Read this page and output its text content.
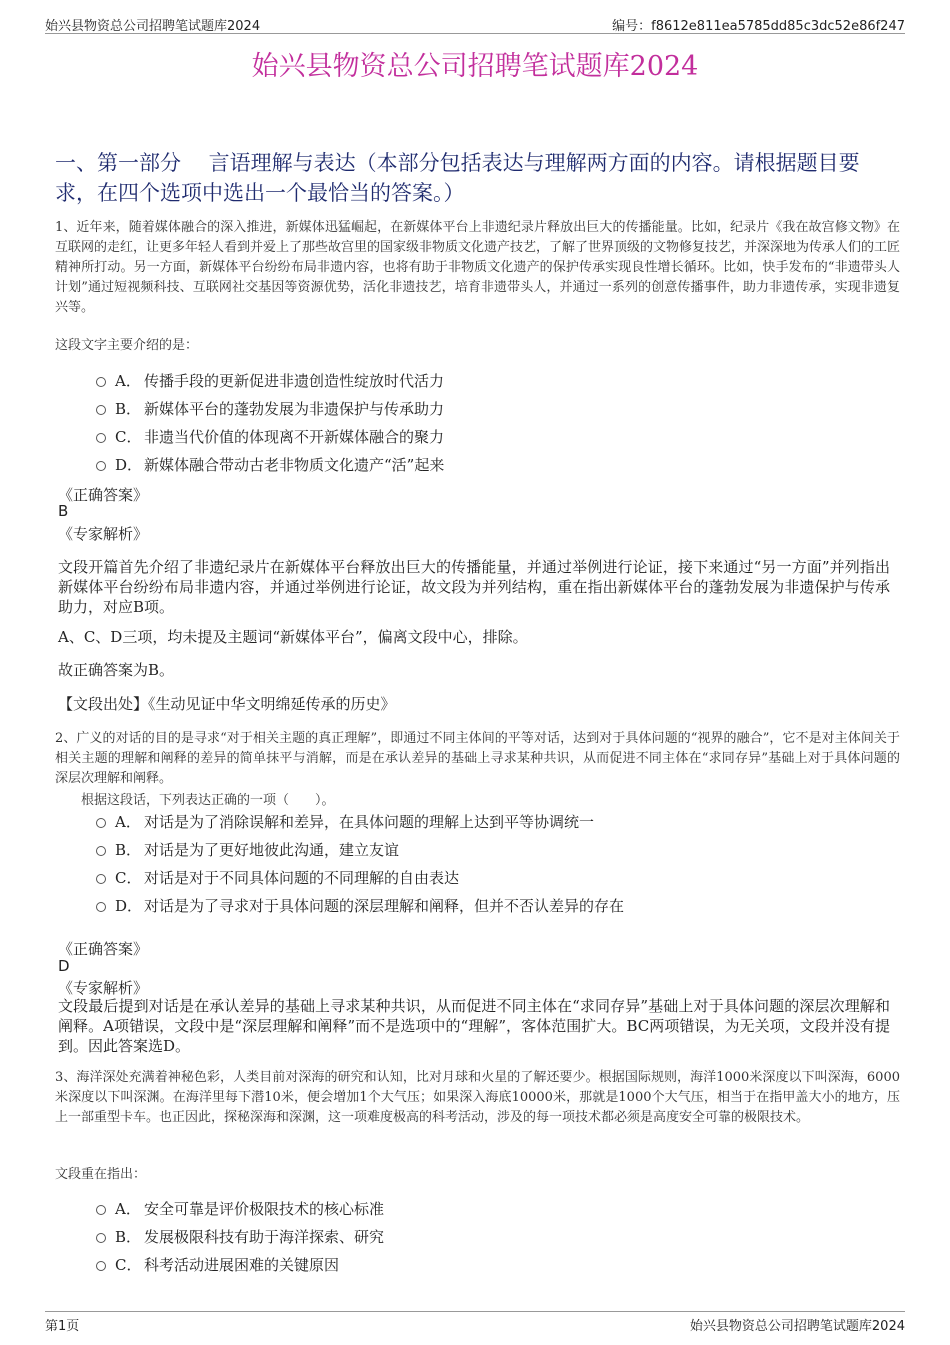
始兴县物资总公司招聘笔试题库2024	编号：f8612e811ea5785dd85c3dc52e86f247
始兴县物资总公司招聘笔试题库2024
一、第一部分　 言语理解与表达（本部分包括表达与理解两方面的内容。请根据题目要求，在四个选项中选出一个最恰当的答案。）
1、近年来，随着媒体融合的深入推进，新媒体迅猛崛起，在新媒体平台上非遗纪录片释放出巨大的传播能量。比如，纪录片《我在故宫修文物》在互联网的走红，让更多年轻人看到并爱上了那些故宫里的国家级非物质文化遗产技艺，了解了世界顶级的文物修复技艺，并深深地为传承人们的工匠精神所打动。另一方面，新媒体平台纷纷布局非遗内容，也将有助于非物质文化遗产的保护传承实现良性增长循环。比如，快手发布的“非遗带头人计划”通过短视频科技、互联网社交基因等资源优势，活化非遗技艺，培育非遗带头人，并通过一系列的创意传播事件，助力非遗传承，实现非遗复兴等。
这段文字主要介绍的是：
A． 传播手段的更新促进非遗创造性绽放时代活力
B． 新媒体平台的蓬勃发展为非遗保护与传承助力
C． 非遗当代价值的体现离不开新媒体融合的聚力
D． 新媒体融合带动古老非物质文化遗产“活”起来
《正确答案》
B
《专家解析》
文段开篇首先介绍了非遗纪录片在新媒体平台释放出巨大的传播能量，并通过举例进行论证，接下来通过“另一方面”并列指出新媒体平台纷纷布局非遗内容，并通过举例进行论证，故文段为并列结构，重在指出新媒体平台的蓬勃发展为非遗保护与传承助力，对应B项。
A、C、D三项，均未提及主题词“新媒体平台”，偏离文段中心，排除。
故正确答案为B。
【文段出处】《生动见证中华文明绵延传承的历史》
2、广义的对话的目的是寻求“对于相关主题的真正理解”，即通过不同主体间的平等对话，达到对于具体问题的“视界的融合”，它不是对主体间关于相关主题的理解和阐释的差异的简单抹平与消解，而是在承认差异的基础上寻求某种共识，从而促进不同主体在“求同存异”基础上对于具体问题的深层次理解和阐释。
根据这段话，下列表达正确的一项（　　）。
A． 对话是为了消除误解和差异，在具体问题的理解上达到平等协调统一
B． 对话是为了更好地彼此沟通，建立友谊
C． 对话是对于不同具体问题的不同理解的自由表达
D． 对话是为了寻求对于具体问题的深层理解和阐释，但并不否认差异的存在
《正确答案》
D
《专家解析》
文段最后提到对话是在承认差异的基础上寻求某种共识，从而促进不同主体在“求同存异”基础上对于具体问题的深层次理解和阐释。A项错误，文段中是“深层理解和阐释”而不是选项中的“理解”，客体范围扩大。BC两项错误，为无关项，文段并没有提到。因此答案选D。
3、海洋深处充满着神秘色彩，人类目前对深海的研究和认知，比对月球和火星的了解还要少。根据国际规则，海洋1000米深度以下叫深海，6000米深度以下叫深渊。在海洋里每下潜10米，便会增加1个大气压；如果深入海底10000米，那就是1000个大气压，相当于在指甲盖大小的地方，压上一部重型卡车。也正因此，探秘深海和深渊，这一项难度极高的科考活动，涉及的每一项技术都必须是高度安全可靠的极限技术。
文段重在指出：
A． 安全可靠是评价极限技术的核心标准
B． 发展极限科技有助于海洋探索、研究
C． 科考活动进展困难的关键原因
第1页	始兴县物资总公司招聘笔试题库2024
